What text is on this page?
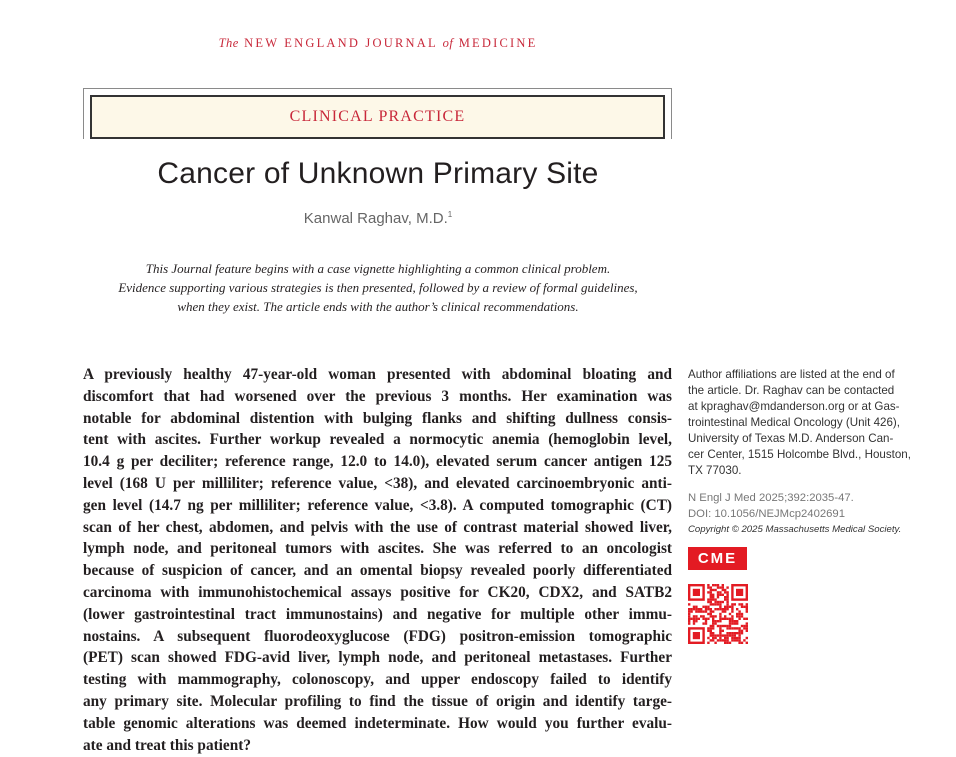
The NEW ENGLAND JOURNAL of MEDICINE
CLINICAL PRACTICE
Cancer of Unknown Primary Site
Kanwal Raghav, M.D.$^1$
This Journal feature begins with a case vignette highlighting a common clinical problem.
Evidence supporting various strategies is then presented, followed by a review of formal guidelines,
when they exist. The article ends with the author’s clinical recommendations.
A previously healthy 47-year-old woman presented with abdominal bloating and
discomfort that had worsened over the previous 3 months. Her examination was
notable for abdominal distention with bulging flanks and shifting dullness consis-
tent with ascites. Further workup revealed a normocytic anemia (hemoglobin level,
10.4 g per deciliter; reference range, 12.0 to 14.0), elevated serum cancer antigen 125
level (168 U per milliliter; reference value, <38), and elevated carcinoembryonic anti-
gen level (14.7 ng per milliliter; reference value, <3.8). A computed tomographic (CT)
scan of her chest, abdomen, and pelvis with the use of contrast material showed liver,
lymph node, and peritoneal tumors with ascites. She was referred to an oncologist
because of suspicion of cancer, and an omental biopsy revealed poorly differentiated
carcinoma with immunohistochemical assays positive for CK20, CDX2, and SATB2
(lower gastrointestinal tract immunostains) and negative for multiple other immu-
nostains. A subsequent fluorodeoxyglucose (FDG) positron-emission tomographic
(PET) scan showed FDG-avid liver, lymph node, and peritoneal metastases. Further
testing with mammography, colonoscopy, and upper endoscopy failed to identify
any primary site. Molecular profiling to find the tissue of origin and identify targe-
table genomic alterations was deemed indeterminate. How would you further evalu-
ate and treat this patient?
Author affiliations are listed at the end of
the article. Dr. Raghav can be contacted
at kpraghav@mdanderson.org or at Gas-
trointestinal Medical Oncology (Unit 426),
University of Texas M.D. Anderson Can-
cer Center, 1515 Holcombe Blvd., Houston,
TX 77030.
N Engl J Med 2025;392:2035-47.
DOI: 10.1056/NEJMcp2402691
Copyright © 2025 Massachusetts Medical Society.
CME
